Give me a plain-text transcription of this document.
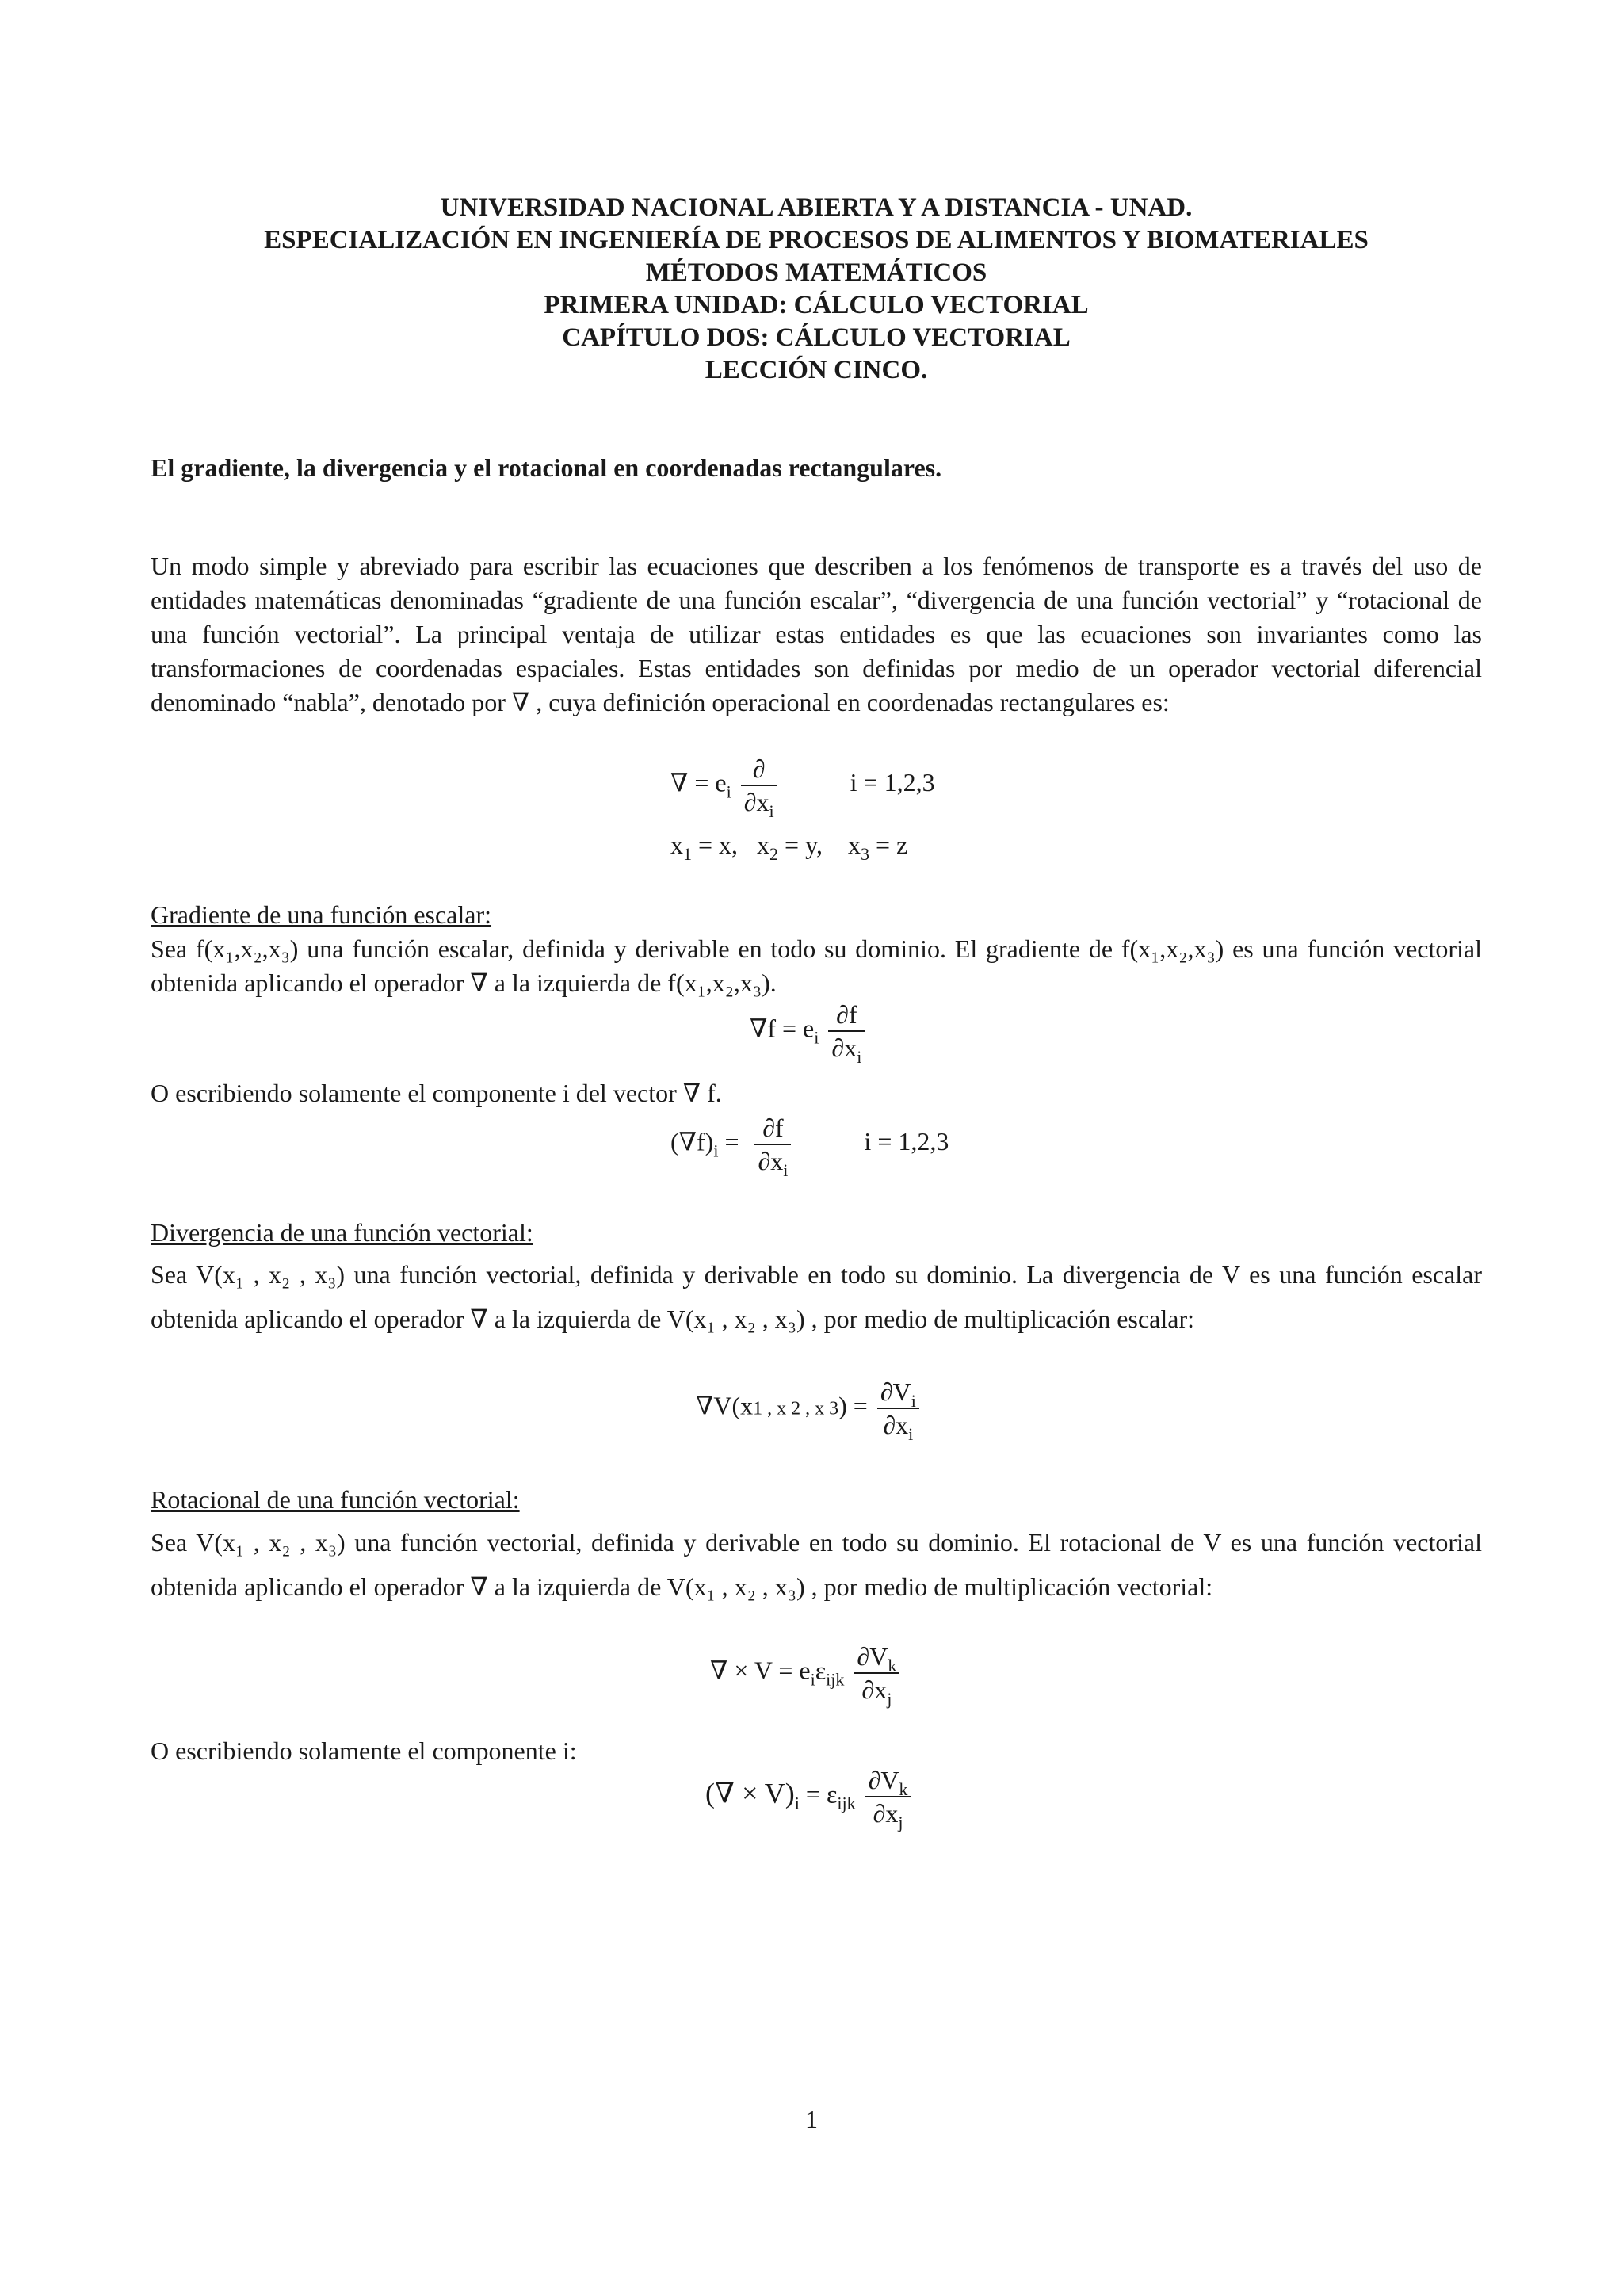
UNIVERSIDAD NACIONAL ABIERTA Y A DISTANCIA - UNAD.
ESPECIALIZACIÓN EN INGENIERÍA DE PROCESOS DE ALIMENTOS Y BIOMATERIALES
MÉTODOS MATEMÁTICOS
PRIMERA UNIDAD: CÁLCULO VECTORIAL
CAPÍTULO DOS: CÁLCULO VECTORIAL
LECCIÓN CINCO.
El gradiente, la divergencia y el rotacional en coordenadas rectangulares.
Un modo simple y abreviado para escribir las ecuaciones que describen a los fenómenos de transporte es a través del uso de entidades matemáticas denominadas “gradiente de una función escalar”, “divergencia de una función vectorial” y “rotacional de una función vectorial”. La principal ventaja de utilizar estas entidades es que las ecuaciones son invariantes como las transformaciones de coordenadas espaciales. Estas entidades son definidas por medio de un operador vectorial diferencial denominado “nabla”, denotado por ∇ , cuya definición operacional en coordenadas rectangulares es:
∇ = $e_i \frac{\partial}{\partial x_i}$	i = 1,2,3
$x_1 = x$,   $x_2 = y$,    $x_3 = z$
Gradiente de una función escalar:
Sea f(x₁,x₂,x₃) una función escalar, definida y derivable en todo su dominio. El gradiente de f(x₁,x₂,x₃) es una función vectorial obtenida aplicando el operador ∇ a la izquierda de f(x₁,x₂,x₃).
$\nabla f = e_i \frac{\partial f}{\partial x_i}$
O escribiendo solamente el componente i del vector ∇ f.
$(\nabla f)_i = \frac{\partial f}{\partial x_i}$	i = 1,2,3
Divergencia de una función vectorial:
Sea V(x₁ , x₂ , x₃) una función vectorial, definida y derivable en todo su dominio. La divergencia de V es una función escalar obtenida aplicando el operador ∇ a la izquierda de V(x₁ , x₂ , x₃) , por medio de multiplicación escalar:
∇V(x1 , x 2 , x $3) = \frac{\partial V_i}{\partial x_i}$
Rotacional de una función vectorial:
Sea V(x₁ , x₂ , x₃) una función vectorial, definida y derivable en todo su dominio. El rotacional de V es una función vectorial obtenida aplicando el operador ∇ a la izquierda de V(x₁ , x₂ , x₃) , por medio de multiplicación vectorial:
∇ × $V = e_i\varepsilon_{ijk} \frac{\partial V_k}{\partial x_j}$
O escribiendo solamente el componente i:
(∇ × $V)_i = \varepsilon_{ijk} \frac{\partial V_k}{\partial x_j}$
1
